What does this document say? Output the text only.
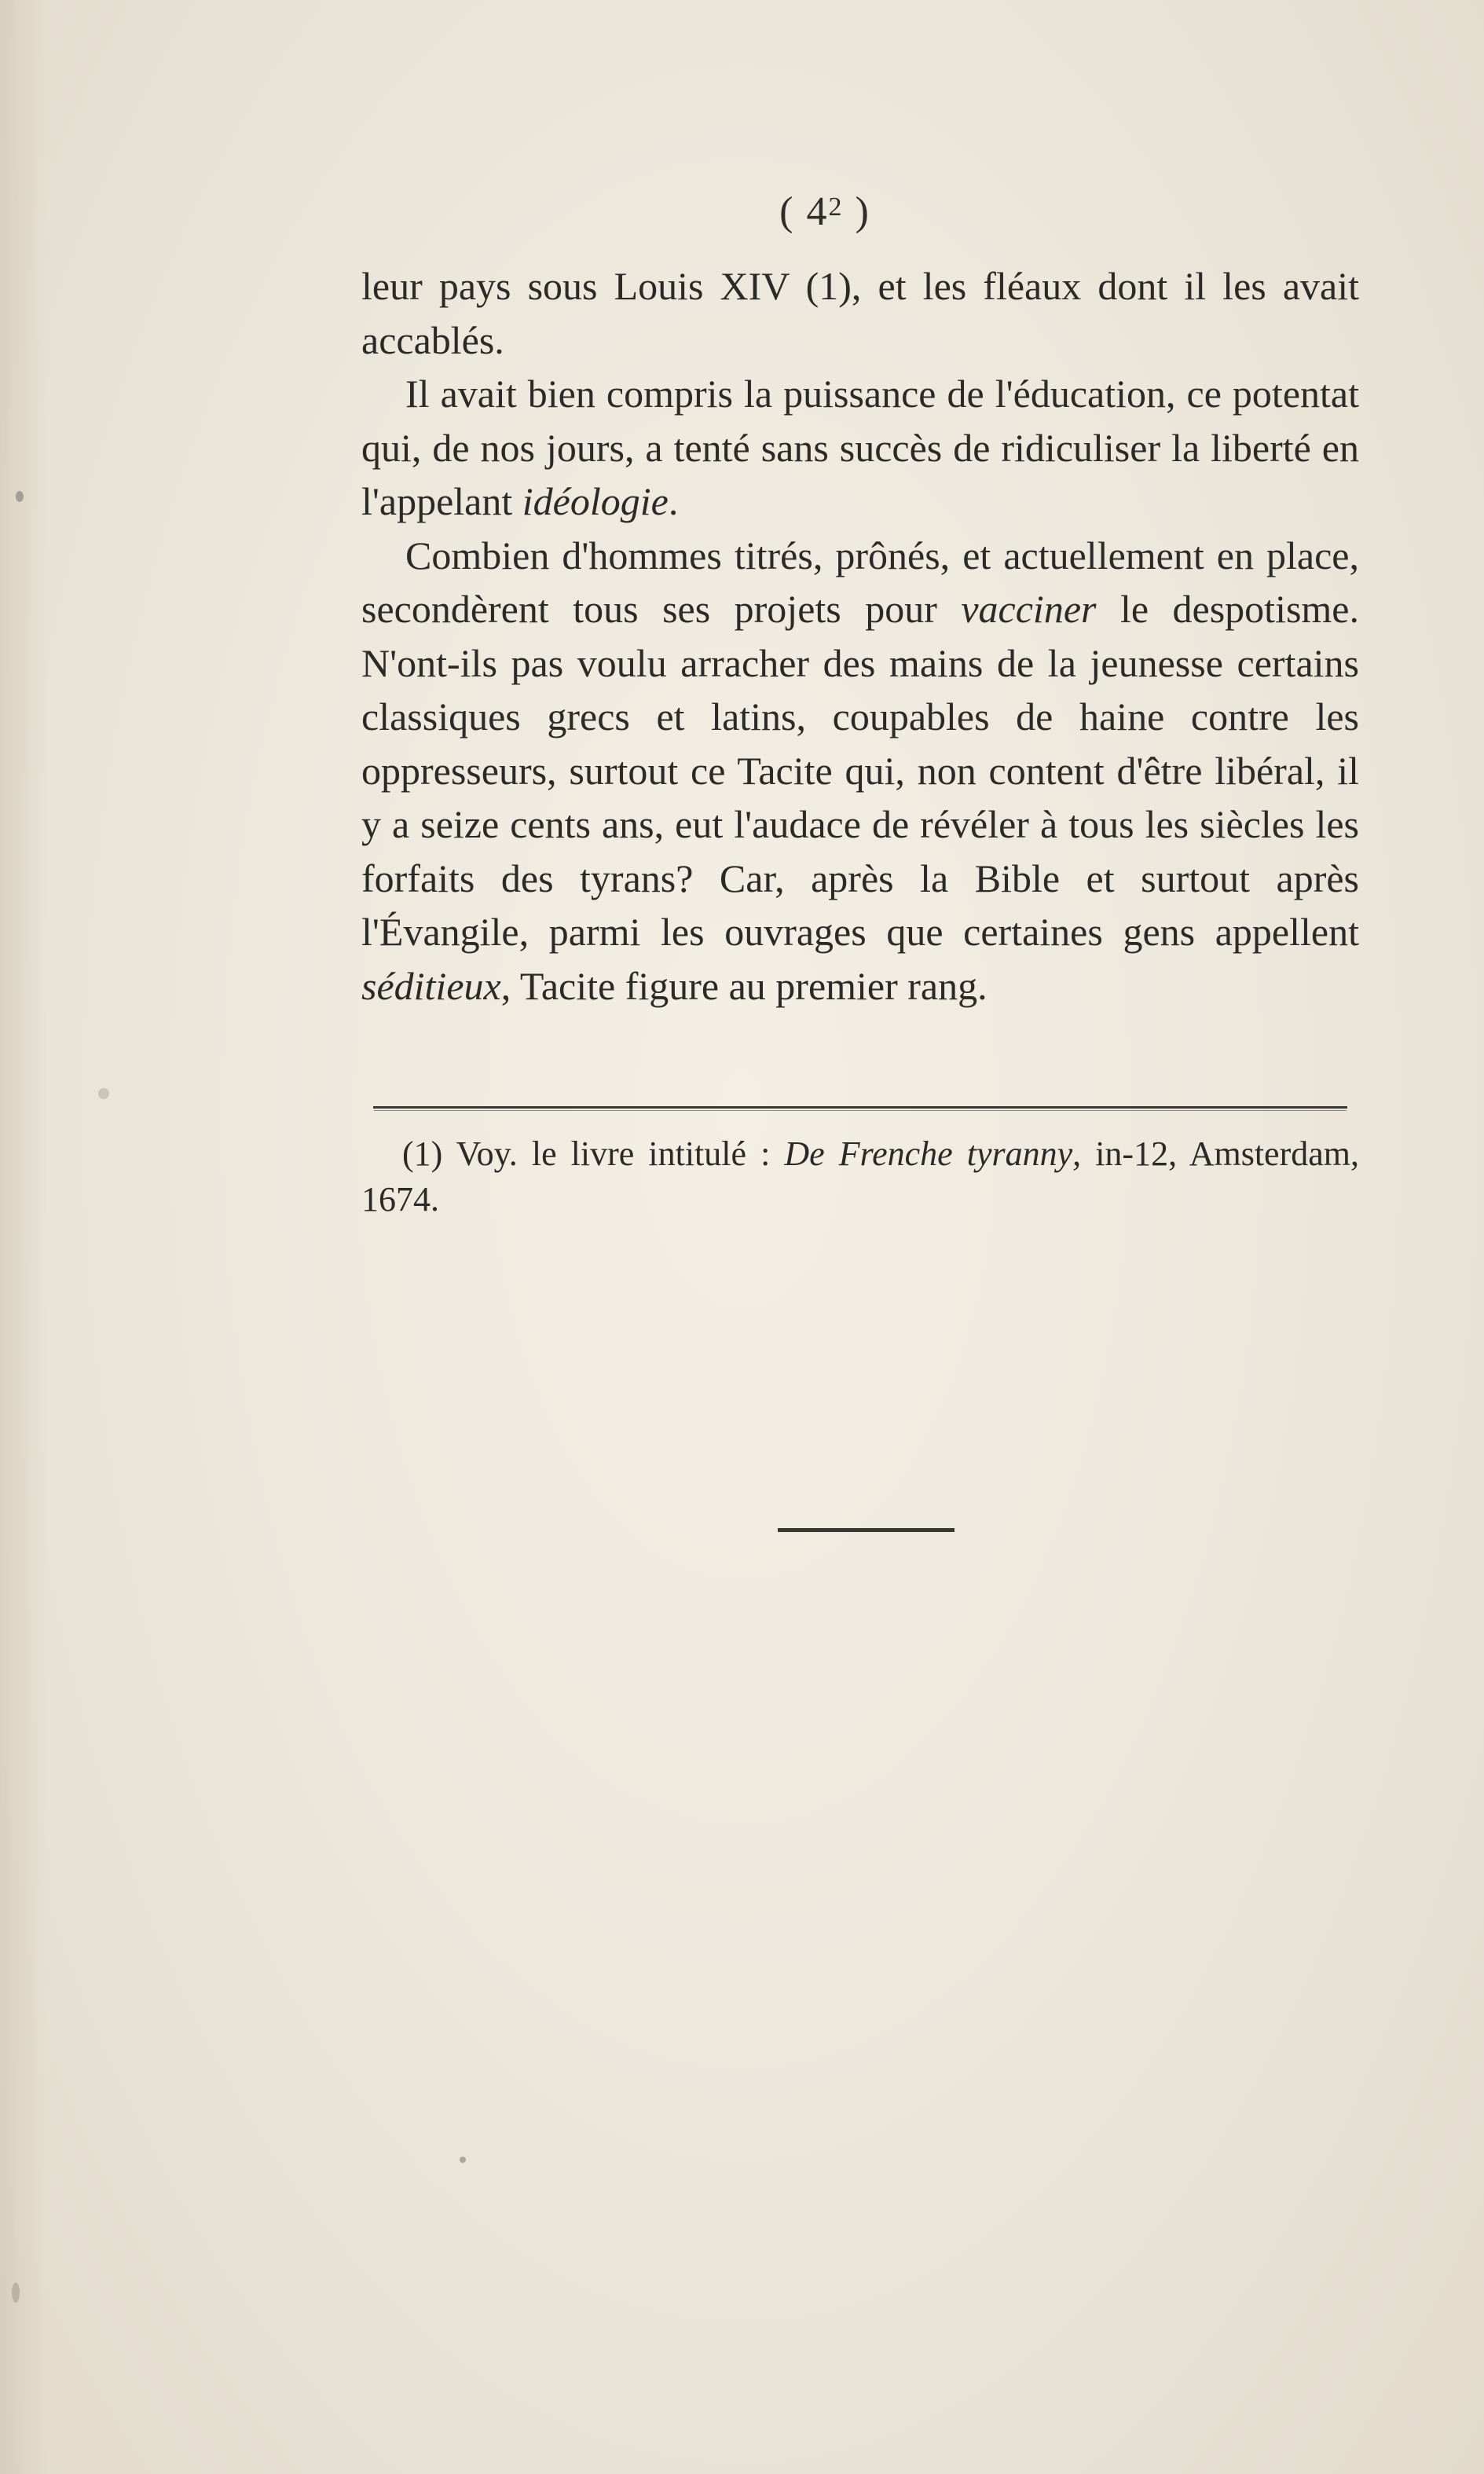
( $4^2$ )

leur pays sous Louis XIV (1), et les fléaux dont il les avait accablés.

Il avait bien compris la puissance de l'éducation, ce potentat qui, de nos jours, a tenté sans succès de ridiculiser la liberté en l'appelant idéologie.

Combien d'hommes titrés, prônés, et actuellement en place, secondèrent tous ses projets pour vacciner le despotisme. N'ont-ils pas voulu arracher des mains de la jeunesse certains classiques grecs et latins, coupables de haine contre les oppresseurs, surtout ce Tacite qui, non content d'être libéral, il y a seize cents ans, eut l'audace de révéler à tous les siècles les forfaits des tyrans? Car, après la Bible et surtout après l'Évangile, parmi les ouvrages que certaines gens appellent séditieux, Tacite figure au premier rang.

(1) Voy. le livre intitulé : De Frenche tyranny, in-12, Amsterdam, 1674.
